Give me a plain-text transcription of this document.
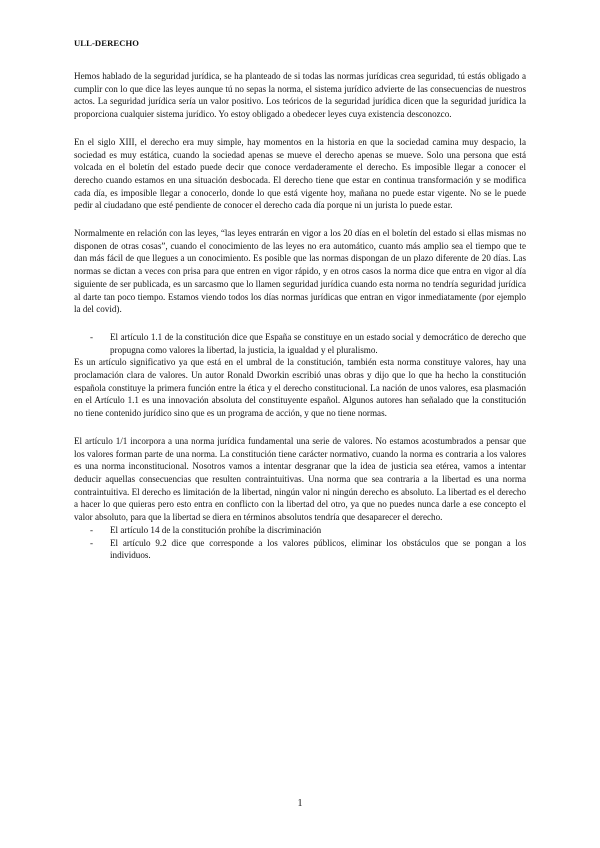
ULL-DERECHO

Hemos hablado de la seguridad jurídica, se ha planteado de si todas las normas jurídicas crea seguridad, tú estás obligado a cumplir con lo que dice las leyes aunque tú no sepas la norma, el sistema jurídico advierte de las consecuencias de nuestros actos. La seguridad jurídica sería un valor positivo. Los teóricos de la seguridad jurídica dicen que la seguridad jurídica la proporciona cualquier sistema jurídico. Yo estoy obligado a obedecer leyes cuya existencia desconozco.

En el siglo XIII, el derecho era muy simple, hay momentos en la historia en que la sociedad camina muy despacio, la sociedad es muy estática, cuando la sociedad apenas se mueve el derecho apenas se mueve. Solo una persona que está volcada en el boletín del estado puede decir que conoce verdaderamente el derecho. Es imposible llegar a conocer el derecho cuando estamos en una situación desbocada. El derecho tiene que estar en continua transformación y se modifica cada día, es imposible llegar a conocerlo, donde lo que está vigente hoy, mañana no puede estar vigente. No se le puede pedir al ciudadano que esté pendiente de conocer el derecho cada día porque ni un jurista lo puede estar.

Normalmente en relación con las leyes, “las leyes entrarán en vigor a los 20 días en el boletín del estado si ellas mismas no disponen de otras cosas”, cuando el conocimiento de las leyes no era automático, cuanto más amplio sea el tiempo que te dan más fácil de que llegues a un conocimiento. Es posible que las normas dispongan de un plazo diferente de 20 días. Las normas se dictan a veces con prisa para que entren en vigor rápido, y en otros casos la norma dice que entra en vigor al día siguiente de ser publicada, es un sarcasmo que lo llamen seguridad jurídica cuando esta norma no tendría seguridad jurídica al darte tan poco tiempo. Estamos viendo todos los días normas jurídicas que entran en vigor inmediatamente (por ejemplo la del covid).

-	El artículo 1.1 de la constitución dice que España se constituye en un estado social y democrático de derecho que propugna como valores la libertad, la justicia, la igualdad y el pluralismo.

Es un artículo significativo ya que está en el umbral de la constitución, también esta norma constituye valores, hay una proclamación clara de valores. Un autor Ronald Dworkin escribió unas obras y dijo que lo que ha hecho la constitución española constituye la primera función entre la ética y el derecho constitucional. La nación de unos valores, esa plasmación en el Artículo 1.1 es una innovación absoluta del constituyente español. Algunos autores han señalado que la constitución no tiene contenido jurídico sino que es un programa de acción, y que no tiene normas.

El artículo 1/1 incorpora a una norma jurídica fundamental una serie de valores. No estamos acostumbrados a pensar que los valores forman parte de una norma. La constitución tiene carácter normativo, cuando la norma es contraria a los valores es una norma inconstitucional. Nosotros vamos a intentar desgranar que la idea de justicia sea etérea, vamos a intentar deducir aquellas consecuencias que resulten contraintuitivas. Una norma que sea contraria a la libertad es una norma contraintuitiva. El derecho es limitación de la libertad, ningún valor ni ningún derecho es absoluto. La libertad es el derecho a hacer lo que quieras pero esto entra en conflicto con la libertad del otro, ya que no puedes nunca darle a ese concepto el valor absoluto, para que la libertad se diera en términos absolutos tendría que desaparecer el derecho.

-	El artículo 14 de la constitución prohíbe la discriminación
-	El artículo 9.2 dice que corresponde a los valores públicos, eliminar los obstáculos que se pongan a los individuos.
1
